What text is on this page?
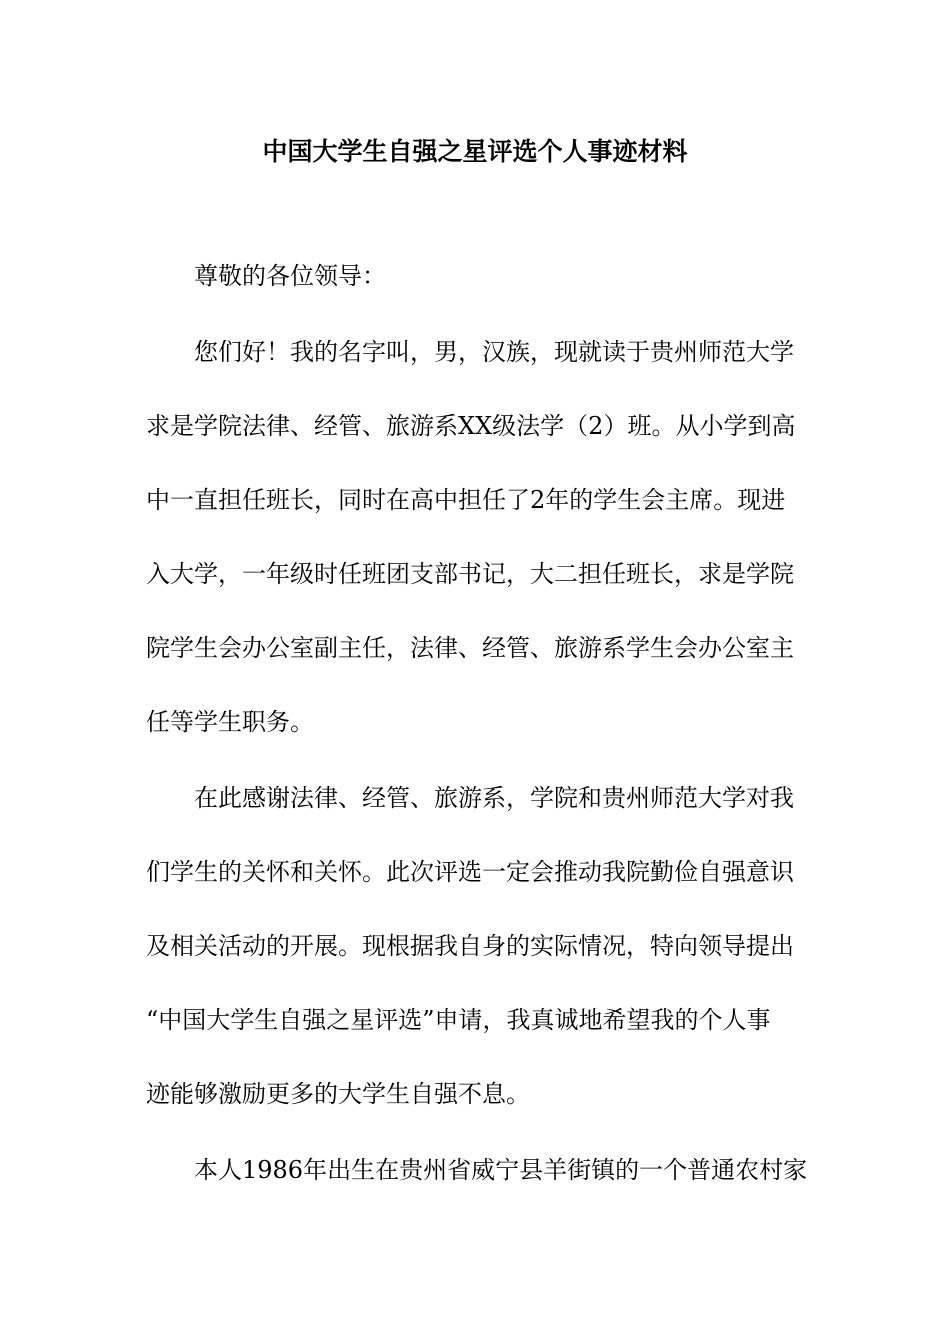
中国大学生自强之星评选个人事迹材料

尊敬的各位领导：

您们好！我的名字叫，男，汉族，现就读于贵州师范大学

求是学院法律、经管、旅游系XX级法学（2）班。从小学到高

中一直担任班长，同时在高中担任了2年的学生会主席。现进

入大学，一年级时任班团支部书记，大二担任班长，求是学院

院学生会办公室副主任，法律、经管、旅游系学生会办公室主

任等学生职务。

在此感谢法律、经管、旅游系，学院和贵州师范大学对我

们学生的关怀和关怀。此次评选一定会推动我院勤俭自强意识

及相关活动的开展。现根据我自身的实际情况，特向领导提出

“中国大学生自强之星评选”申请，我真诚地希望我的个人事

迹能够激励更多的大学生自强不息。

本人1986年出生在贵州省威宁县羊街镇的一个普通农村家
